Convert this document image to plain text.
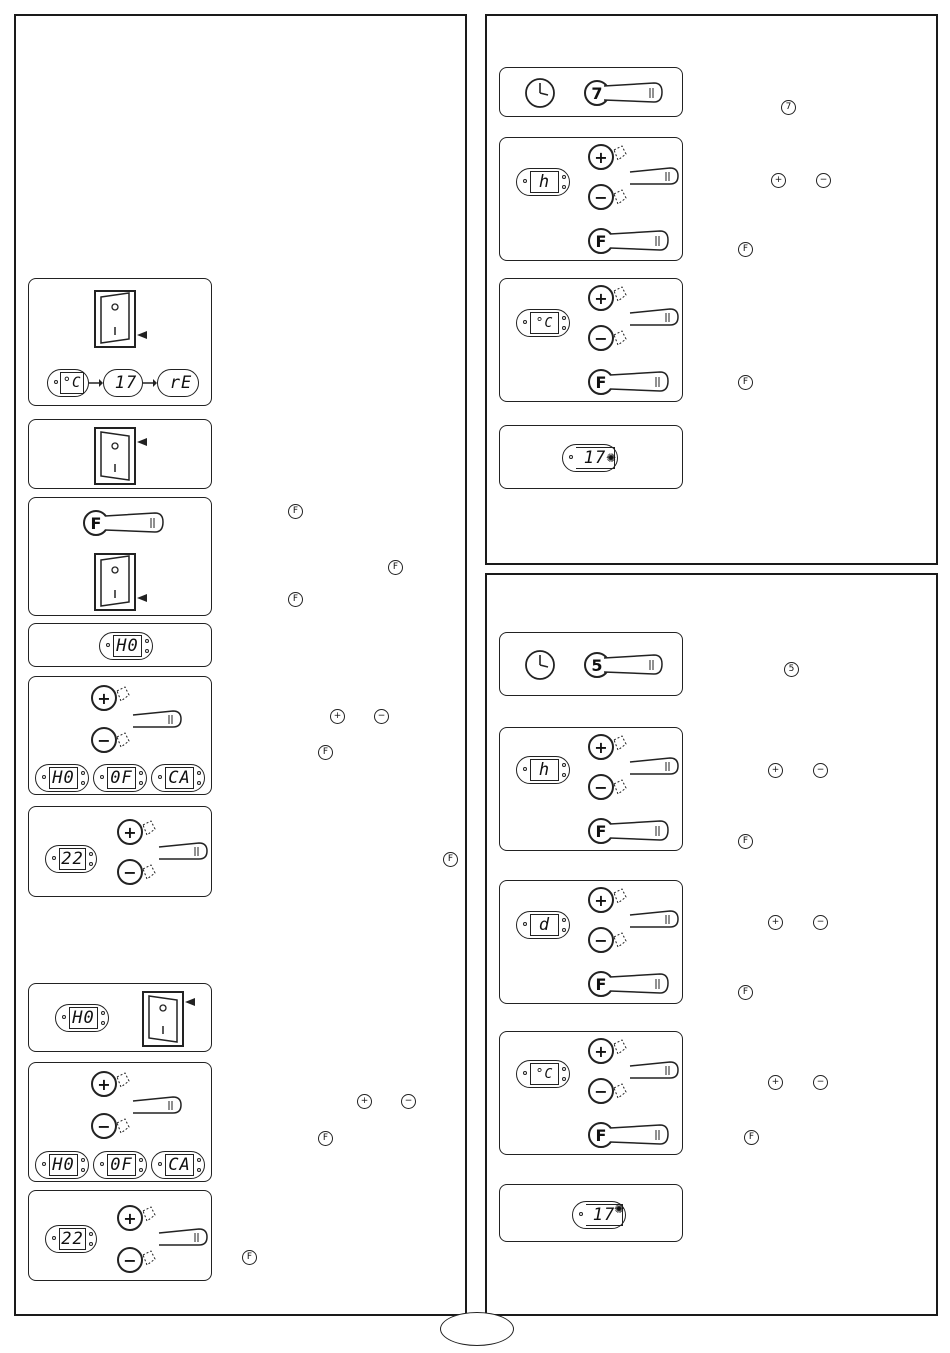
°C 17 rE
F
F
F
F
H0
+
−
H0 0F CA
+	−
F
22
+
−
F
H0
+
−
H0 0F CA
+	−
F
22
+
−	F
7
7
h
+
−
F
+	−
F
°C
+
−
F	F
17 ✺
5	5
h
+
−
F
+	−
F
d
+
−
F
+	−
F
°C
+
−
F
+	−
F
17
✺
